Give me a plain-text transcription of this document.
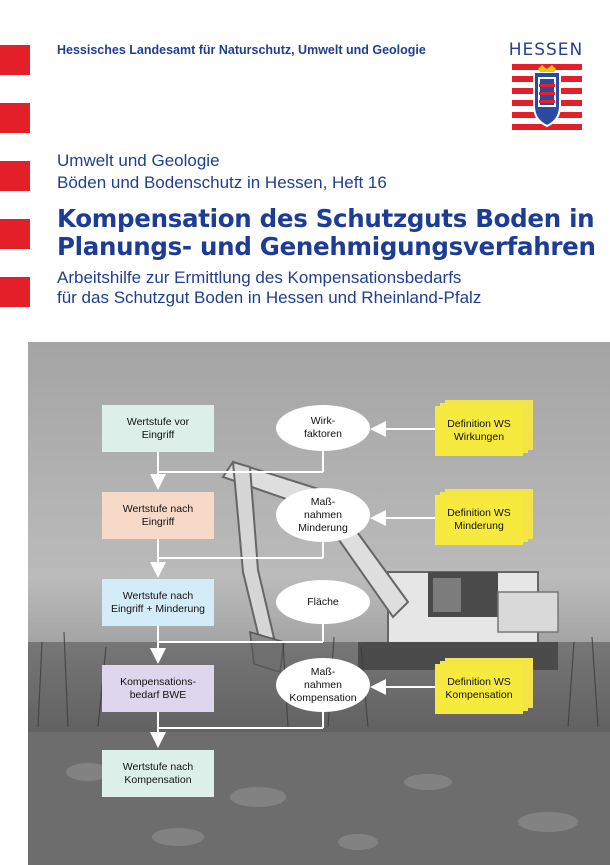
Hessisches Landesamt für Naturschutz, Umwelt und Geologie	HESSEN
Umwelt und Geologie
Böden und Bodenschutz in Hessen, Heft 16
Kompensation des Schutzguts Boden in
Planungs- und Genehmigungsverfahren
Arbeitshilfe zur Ermittlung des Kompensationsbedarfs
für das Schutzgut Boden in Hessen und Rheinland-Pfalz
Wertstufe vor
Eingriff
Wertstufe nach
Eingriff
Wertstufe nach
Eingriff + Minderung
Kompensations-
bedarf BWE
Wertstufe nach
Kompensation
Wirk-
faktoren
Maß-
nahmen
Minderung
Fläche
Maß-
nahmen
Kompensation
Definition WS
Wirkungen
Definition WS
Minderung
Definition WS
Kompensation
